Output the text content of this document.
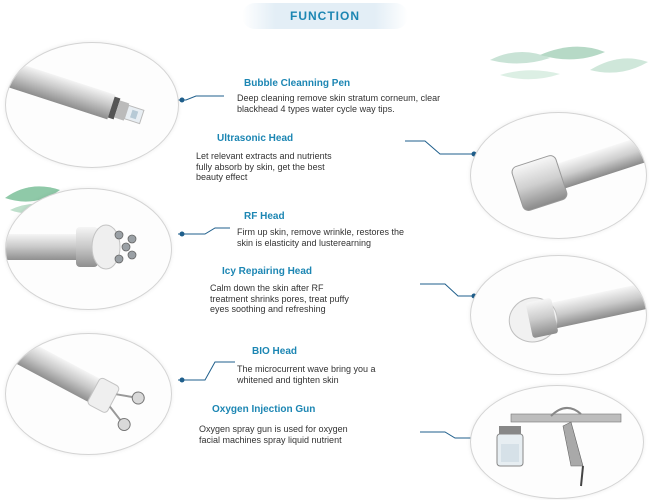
FUNCTION
Bubble Cleanning Pen
Deep cleaning remove skin stratum corneum, clear
blackhead 4 types water cycle way tips.
Ultrasonic Head
Let relevant extracts and nutrients
fully absorb by skin, get the best
beauty effect
RF Head
Firm up skin, remove wrinkle, restores the
skin is elasticity and lusterearning
Icy Repairing Head
Calm down the skin after RF
treatment shrinks pores, treat puffy
eyes soothing and refreshing
BIO Head
The microcurrent wave bring you a
whitened and tighten skin
Oxygen Injection Gun
Oxygen spray gun is used for oxygen
facial machines spray liquid nutrient
